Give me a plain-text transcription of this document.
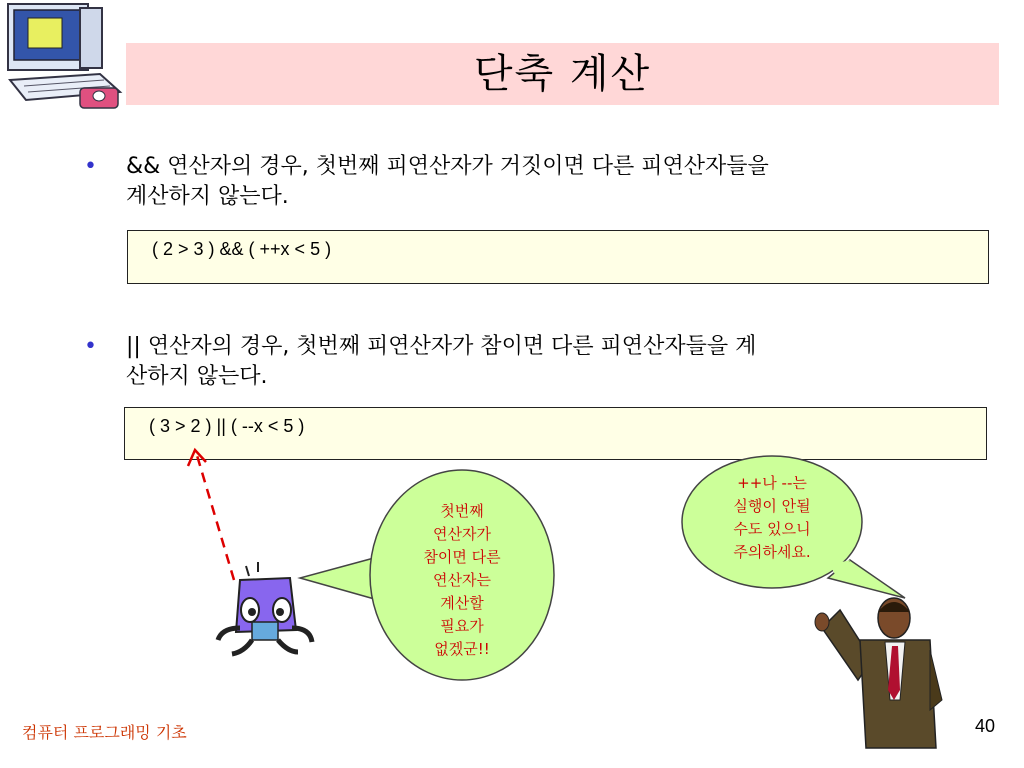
단축 계산
• && 연산자의 경우, 첫번째 피연산자가 거짓이면 다른 피연산자들을
계산하지 않는다.
( 2 > 3 ) && ( ++x < 5 )
• || 연산자의 경우, 첫번째 피연산자가 참이면 다른 피연산자들을 계
산하지 않는다.
( 3 > 2 ) || ( --x < 5 )
첫번째
연산자가
참이면 다른
연산자는
계산할
필요가
없겠군!!
++나 --는
실행이 안될
수도 있으니
주의하세요.
컴퓨터 프로그래밍 기초	40
